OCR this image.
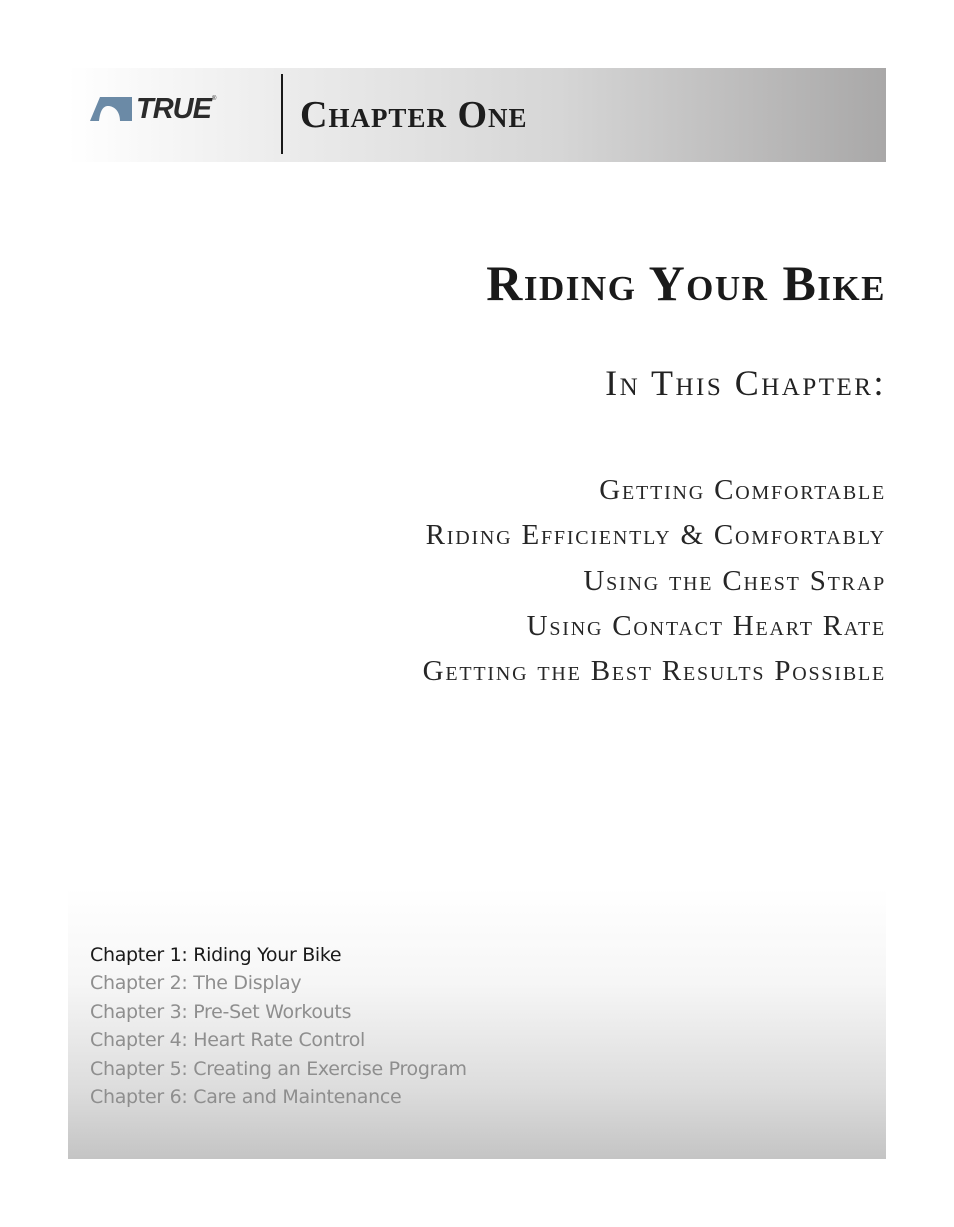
TRUE ® Chapter One
Riding Your Bike
In This Chapter:
Getting Comfortable
Riding Efficiently & Comfortably
Using the Chest Strap
Using Contact Heart Rate
Getting the Best Results Possible
Chapter 1: Riding Your Bike
Chapter 2: The Display
Chapter 3: Pre-Set Workouts
Chapter 4: Heart Rate Control
Chapter 5: Creating an Exercise Program
Chapter 6: Care and Maintenance
